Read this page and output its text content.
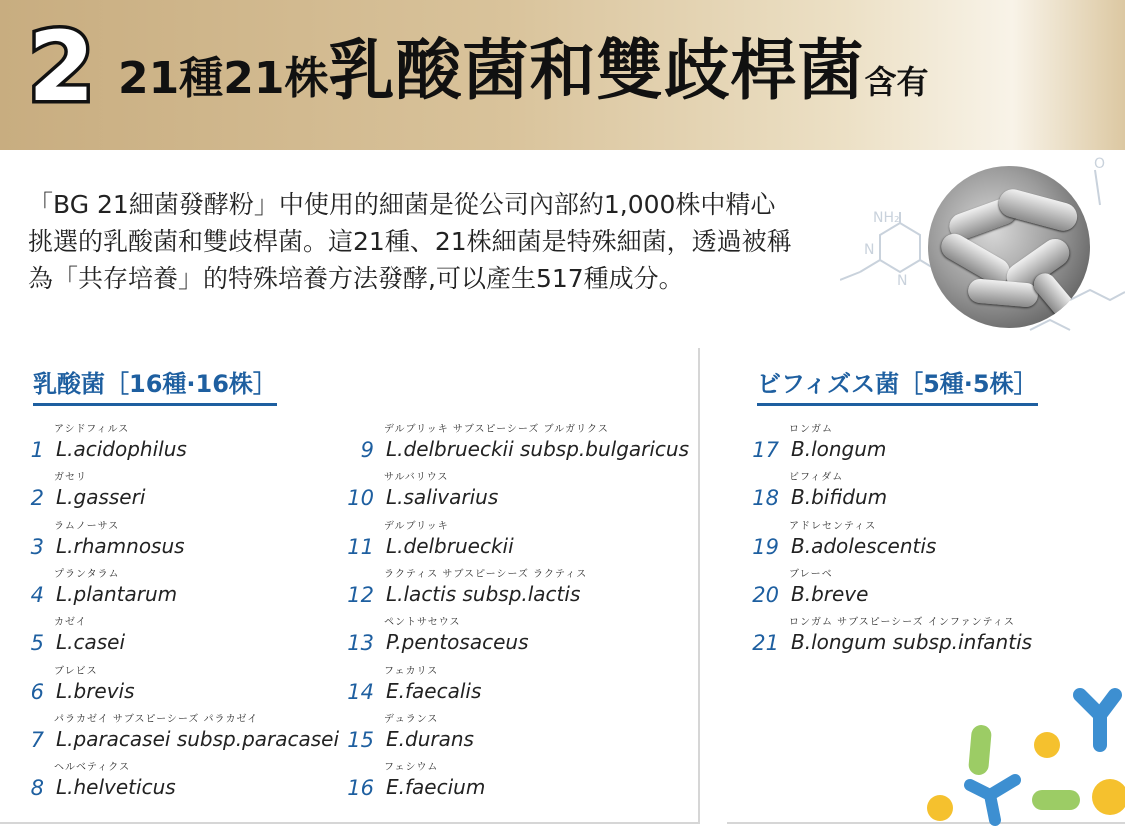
2 21種21株乳酸菌和雙歧桿菌含有

「BG 21細菌發酵粉」中使用的細菌是從公司內部約1,000株中精心挑選的乳酸菌和雙歧桿菌。這21種、21株細菌是特殊細菌，透過被稱為「共存培養」的特殊培養方法發酵,可以產生517種成分。

NH₂
N
N
O
乳酸菌［16種·16株］
1
アシドフィルス
L.acidophilus
2
ガセリ
L.gasseri
3
ラムノーサス
L.rhamnosus
4
プランタラム
L.plantarum
5
カゼイ
L.casei
6
ブレビス
L.brevis
7
パラカゼイ サブスピーシーズ パラカゼイ
L.paracasei subsp.paracasei
8
ヘルベティクス
L.helveticus
9
デルブリッキ サブスピーシーズ ブルガリクス
L.delbrueckii subsp.bulgaricus
10
サルバリウス
L.salivarius
11
デルブリッキ
L.delbrueckii
12
ラクティス サブスピーシーズ ラクティス
L.lactis subsp.lactis
13
ペントサセウス
P.pentosaceus
14
フェカリス
E.faecalis
15
デュランス
E.durans
16
フェシウム
E.faecium
ビフィズス菌［5種·5株］
17
ロンガム
B.longum
18
ビフィダム
B.bifidum
19
アドレセンティス
B.adolescentis
20
ブレーベ
B.breve
21
ロンガム サブスピーシーズ インファンティス
B.longum subsp.infantis
